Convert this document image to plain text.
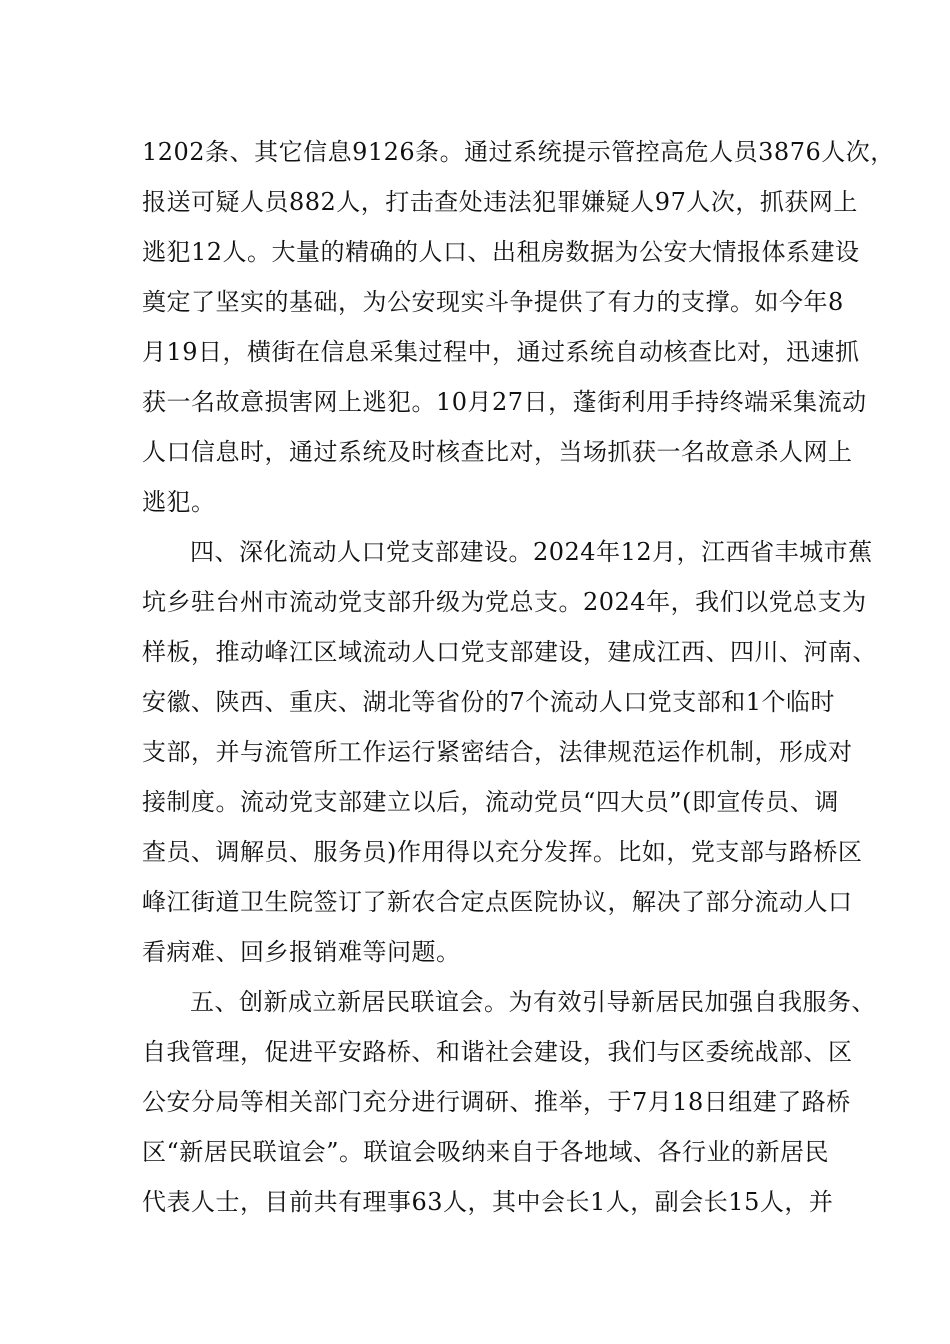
1202条、其它信息9126条。通过系统提示管控高危人员3876人次，
报送可疑人员882人，打击查处违法犯罪嫌疑人97人次，抓获网上
逃犯12人。大量的精确的人口、出租房数据为公安大情报体系建设
奠定了坚实的基础，为公安现实斗争提供了有力的支撑。如今年8
月19日，横街在信息采集过程中，通过系统自动核查比对，迅速抓
获一名故意损害网上逃犯。10月27日，蓬街利用手持终端采集流动
人口信息时，通过系统及时核查比对，当场抓获一名故意杀人网上
逃犯。
四、深化流动人口党支部建设。2024年12月，江西省丰城市蕉
坑乡驻台州市流动党支部升级为党总支。2024年，我们以党总支为
样板，推动峰江区域流动人口党支部建设，建成江西、四川、河南、
安徽、陕西、重庆、湖北等省份的7个流动人口党支部和1个临时
支部，并与流管所工作运行紧密结合，法律规范运作机制，形成对
接制度。流动党支部建立以后，流动党员“四大员”(即宣传员、调
查员、调解员、服务员)作用得以充分发挥。比如，党支部与路桥区
峰江街道卫生院签订了新农合定点医院协议，解决了部分流动人口
看病难、回乡报销难等问题。
五、创新成立新居民联谊会。为有效引导新居民加强自我服务、
自我管理，促进平安路桥、和谐社会建设，我们与区委统战部、区
公安分局等相关部门充分进行调研、推举，于7月18日组建了路桥
区“新居民联谊会”。联谊会吸纳来自于各地域、各行业的新居民
代表人士，目前共有理事63人，其中会长1人，副会长15人，并
